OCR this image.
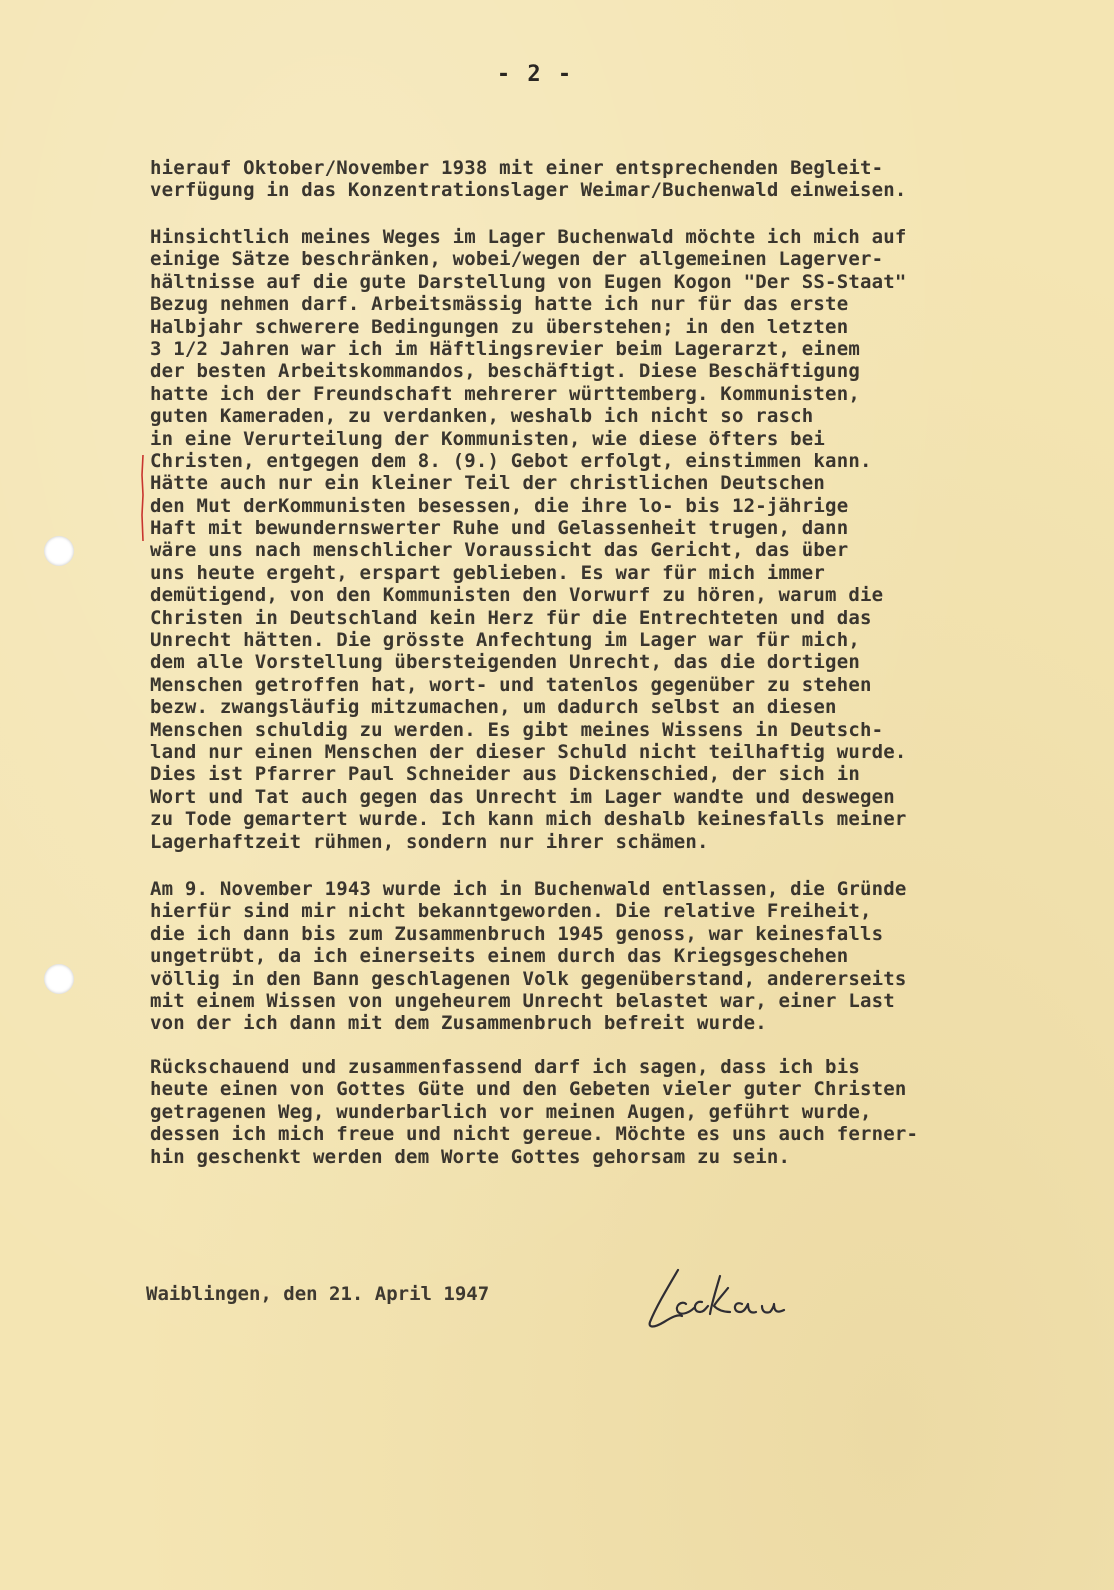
- 2 -
hierauf Oktober/November 1938 mit einer entsprechenden Begleit-
verfügung in das Konzentrationslager Weimar/Buchenwald einweisen.
Hinsichtlich meines Weges im Lager Buchenwald möchte ich mich auf
einige Sätze beschränken, wobei/wegen der allgemeinen Lagerver-
hältnisse auf die gute Darstellung von Eugen Kogon "Der SS-Staat"
Bezug nehmen darf. Arbeitsmässig hatte ich nur für das erste
Halbjahr schwerere Bedingungen zu überstehen; in den letzten
3 1/2 Jahren war ich im Häftlingsrevier beim Lagerarzt, einem
der besten Arbeitskommandos, beschäftigt. Diese Beschäftigung
hatte ich der Freundschaft mehrerer württemberg. Kommunisten,
guten Kameraden, zu verdanken, weshalb ich nicht so rasch
in eine Verurteilung der Kommunisten, wie diese öfters bei
Christen, entgegen dem 8. (9.) Gebot erfolgt, einstimmen kann.
Hätte auch nur ein kleiner Teil der christlichen Deutschen
den Mut derKommunisten besessen, die ihre lo- bis 12-jährige
Haft mit bewundernswerter Ruhe und Gelassenheit trugen, dann
wäre uns nach menschlicher Voraussicht das Gericht, das über
uns heute ergeht, erspart geblieben. Es war für mich immer
demütigend, von den Kommunisten den Vorwurf zu hören, warum die
Christen in Deutschland kein Herz für die Entrechteten und das
Unrecht hätten. Die grösste Anfechtung im Lager war für mich,
dem alle Vorstellung übersteigenden Unrecht, das die dortigen
Menschen getroffen hat, wort- und tatenlos gegenüber zu stehen
bezw. zwangsläufig mitzumachen, um dadurch selbst an diesen
Menschen schuldig zu werden. Es gibt meines Wissens in Deutsch-
land nur einen Menschen der dieser Schuld nicht teilhaftig wurde.
Dies ist Pfarrer Paul Schneider aus Dickenschied, der sich in
Wort und Tat auch gegen das Unrecht im Lager wandte und deswegen
zu Tode gemartert wurde. Ich kann mich deshalb keinesfalls meiner
Lagerhaftzeit rühmen, sondern nur ihrer schämen.
Am 9. November 1943 wurde ich in Buchenwald entlassen, die Gründe
hierfür sind mir nicht bekanntgeworden. Die relative Freiheit,
die ich dann bis zum Zusammenbruch 1945 genoss, war keinesfalls
ungetrübt, da ich einerseits einem durch das Kriegsgeschehen
völlig in den Bann geschlagenen Volk gegenüberstand, andererseits
mit einem Wissen von ungeheurem Unrecht belastet war, einer Last
von der ich dann mit dem Zusammenbruch befreit wurde.
Rückschauend und zusammenfassend darf ich sagen, dass ich bis
heute einen von Gottes Güte und den Gebeten vieler guter Christen
getragenen Weg, wunderbarlich vor meinen Augen, geführt wurde,
dessen ich mich freue und nicht gereue. Möchte es uns auch ferner-
hin geschenkt werden dem Worte Gottes gehorsam zu sein.
Waiblingen, den 21. April 1947
